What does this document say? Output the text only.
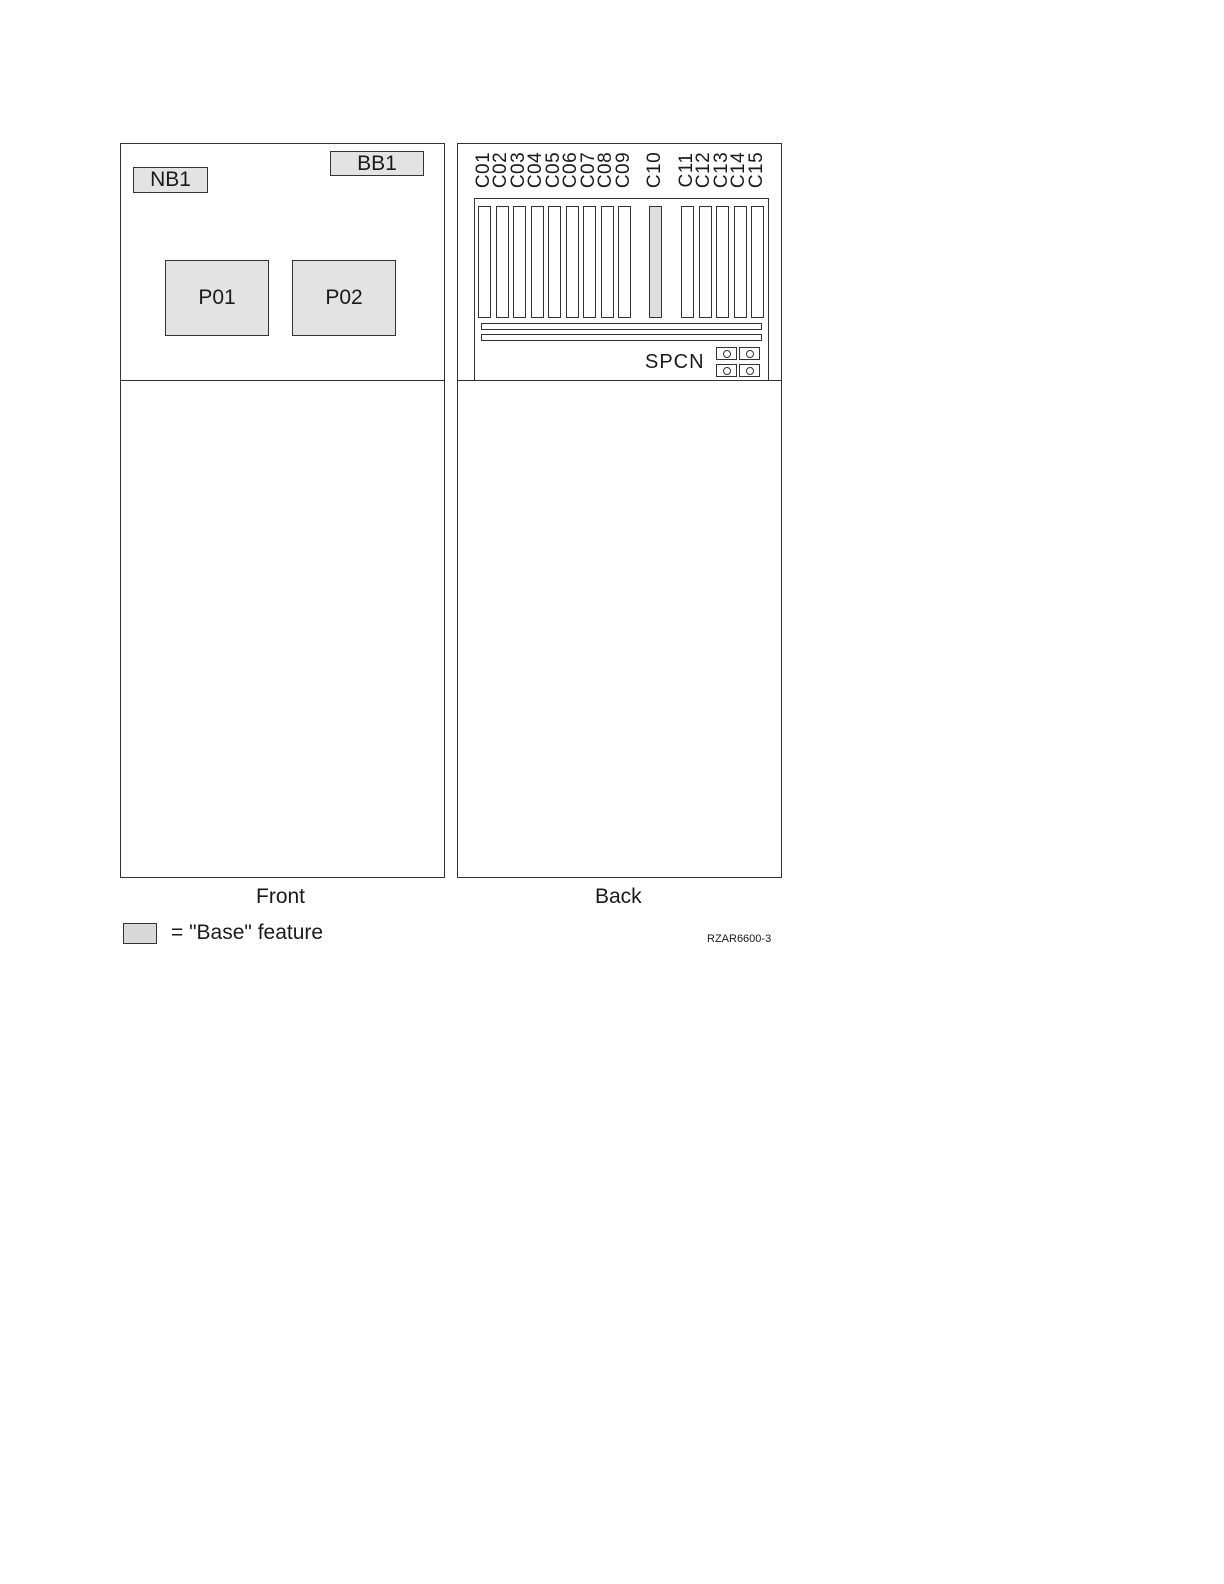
NB1
BB1
P01	P02
C01
C02
C03
C04
C05
C06
C07
C08
C09 C10 C11
C12
C13
C14
C15
SPCN
Front	Back
= "Base" feature	RZAR6600-3
